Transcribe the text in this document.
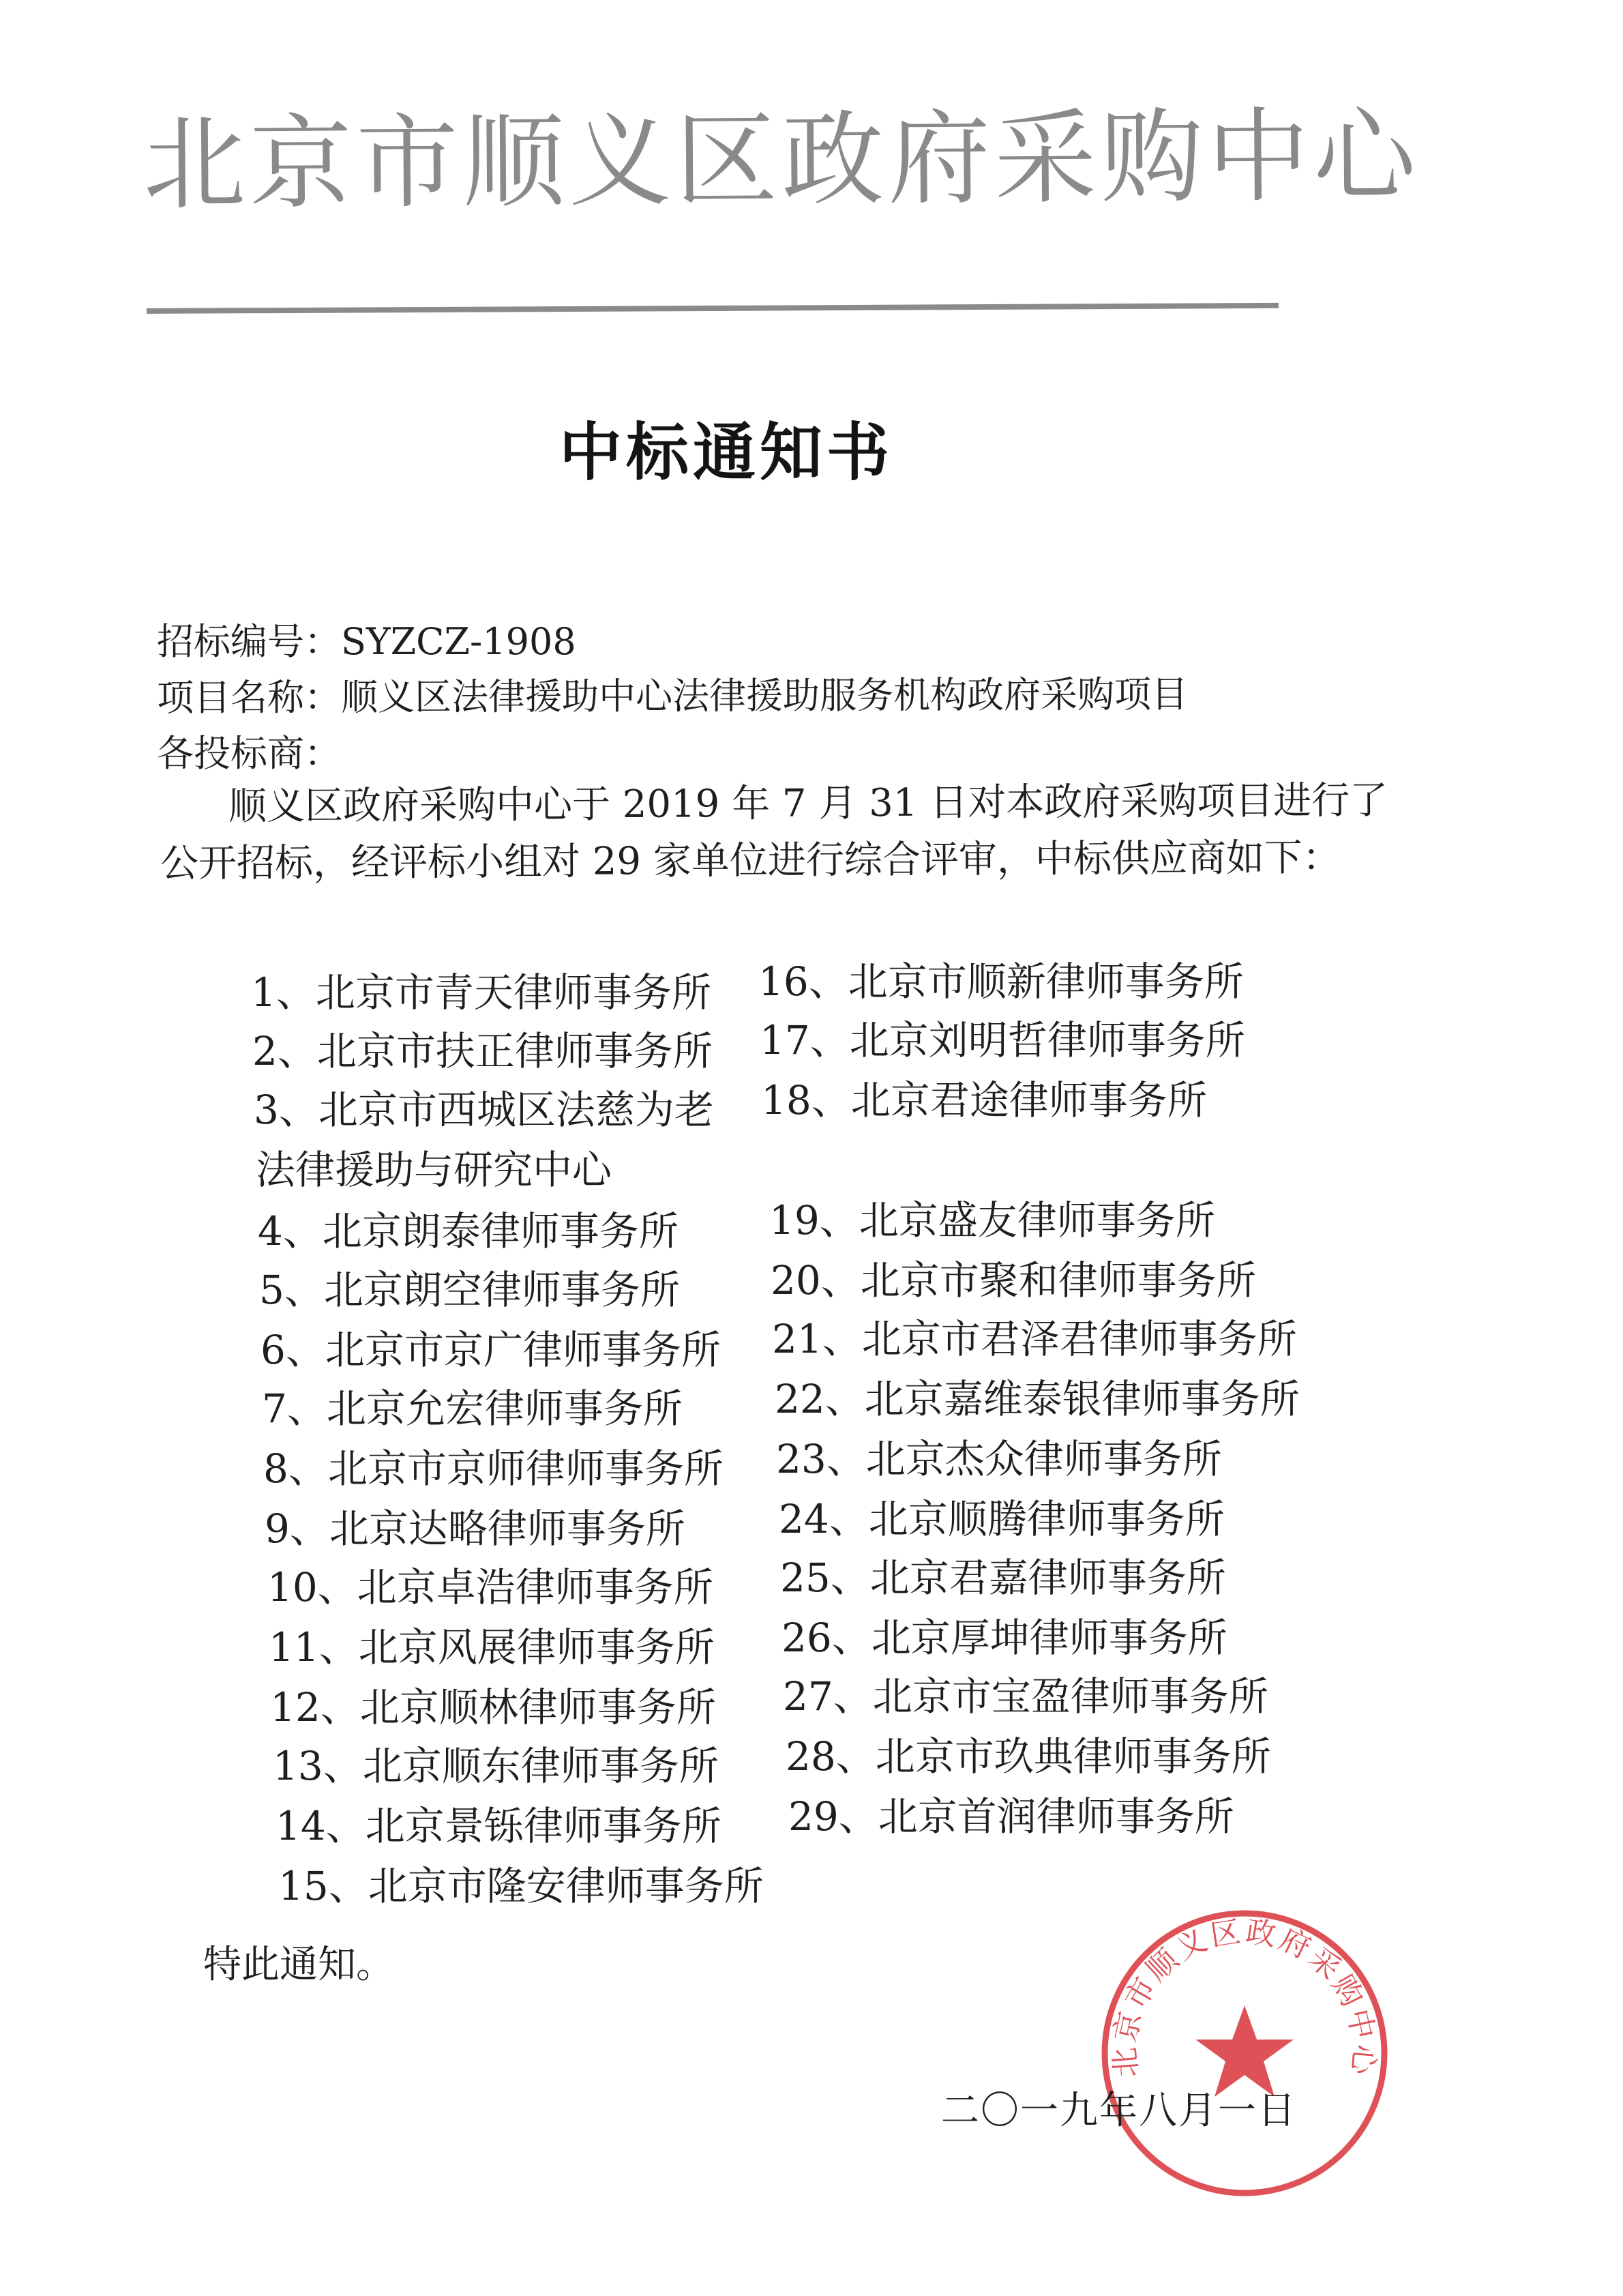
北京市顺义区政府采购中心
中标通知书
招标编号：SYZCZ-1908
项目名称：顺义区法律援助中心法律援助服务机构政府采购项目
各投标商：
顺义区政府采购中心于 2019 年 7 月 31 日对本政府采购项目进行了
公开招标，经评标小组对 29 家单位进行综合评审，中标供应商如下：
1、北京市青天律师事务所
2、北京市扶正律师事务所
3、北京市西城区法慈为老
法律援助与研究中心
4、北京朗泰律师事务所
5、北京朗空律师事务所
6、北京市京广律师事务所
7、北京允宏律师事务所
8、北京市京师律师事务所
9、北京达略律师事务所
10、北京卓浩律师事务所
11、北京风展律师事务所
12、北京顺林律师事务所
13、北京顺东律师事务所
14、北京景铄律师事务所
15、北京市隆安律师事务所
16、北京市顺新律师事务所
17、北京刘明哲律师事务所
18、北京君途律师事务所
19、北京盛友律师事务所
20、北京市聚和律师事务所
21、北京市君泽君律师事务所
22、北京嘉维泰银律师事务所
23、北京杰众律师事务所
24、北京顺腾律师事务所
25、北京君嘉律师事务所
26、北京厚坤律师事务所
27、北京市宝盈律师事务所
28、北京市玖典律师事务所
29、北京首润律师事务所
特此通知。
北京市顺义区政府采购中心
二〇一九年八月一日
